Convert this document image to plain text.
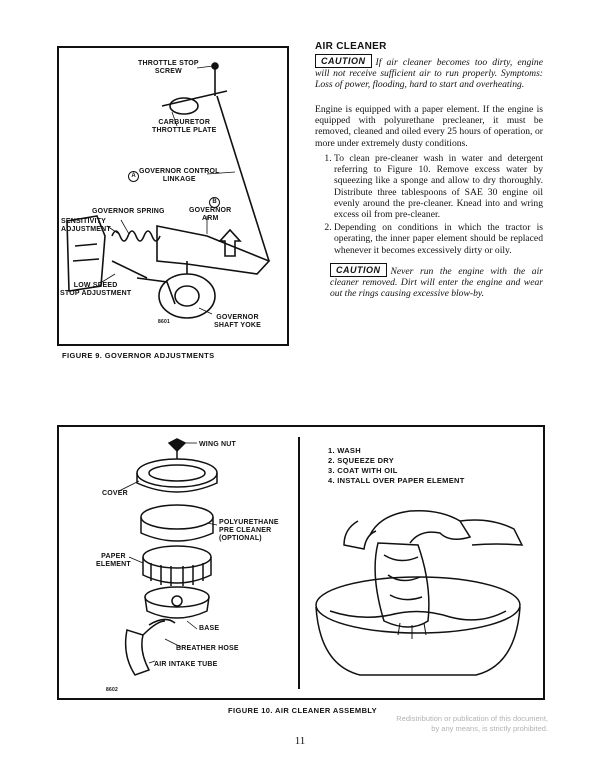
THROTTLE STOP
SCREW
CARBURETOR
THROTTLE PLATE
A
GOVERNOR CONTROL
LINKAGE
B
GOVERNOR SPRING	GOVERNOR
ARM
SENSITIVITY
ADJUSTMENT
LOW SPEED
STOP ADJUSTMENT
GOVERNOR
SHAFT YOKE
8601
FIGURE 9. GOVERNOR ADJUSTMENTS
AIR CLEANER
CAUTION If air cleaner becomes too dirty, engine will not receive sufficient air to run properly. Symptoms: Loss of power, flooding, hard to start and overheating.
Engine is equipped with a paper element. If the engine is equipped with polyurethane precleaner, it must be removed, cleaned and oiled every 25 hours of operation, or more under extremely dusty conditions.
1. To clean pre-cleaner wash in water and detergent referring to Figure 10. Remove excess water by squeezing like a sponge and allow to dry thoroughly. Distribute three tablespoons of SAE 30 engine oil evenly around the pre-cleaner. Knead into and wring excess oil from pre-cleaner.
2. Depending on conditions in which the tractor is operating, the inner paper element should be replaced whenever it becomes excessively dirty or oily.
CAUTION Never run the engine with the air cleaner removed. Dirt will enter the engine and wear out the rings causing excessive blow-by.
WING NUT
COVER
POLYURETHANE
PRE CLEANER
(OPTIONAL)
PAPER
ELEMENT
BASE
BREATHER HOSE
AIR INTAKE TUBE
8602
1. WASH
2. SQUEEZE DRY
3. COAT WITH OIL
4. INSTALL OVER PAPER ELEMENT
FIGURE 10. AIR CLEANER ASSEMBLY
11
Redistribution or publication of this document,
by any means, is strictly prohibited.
